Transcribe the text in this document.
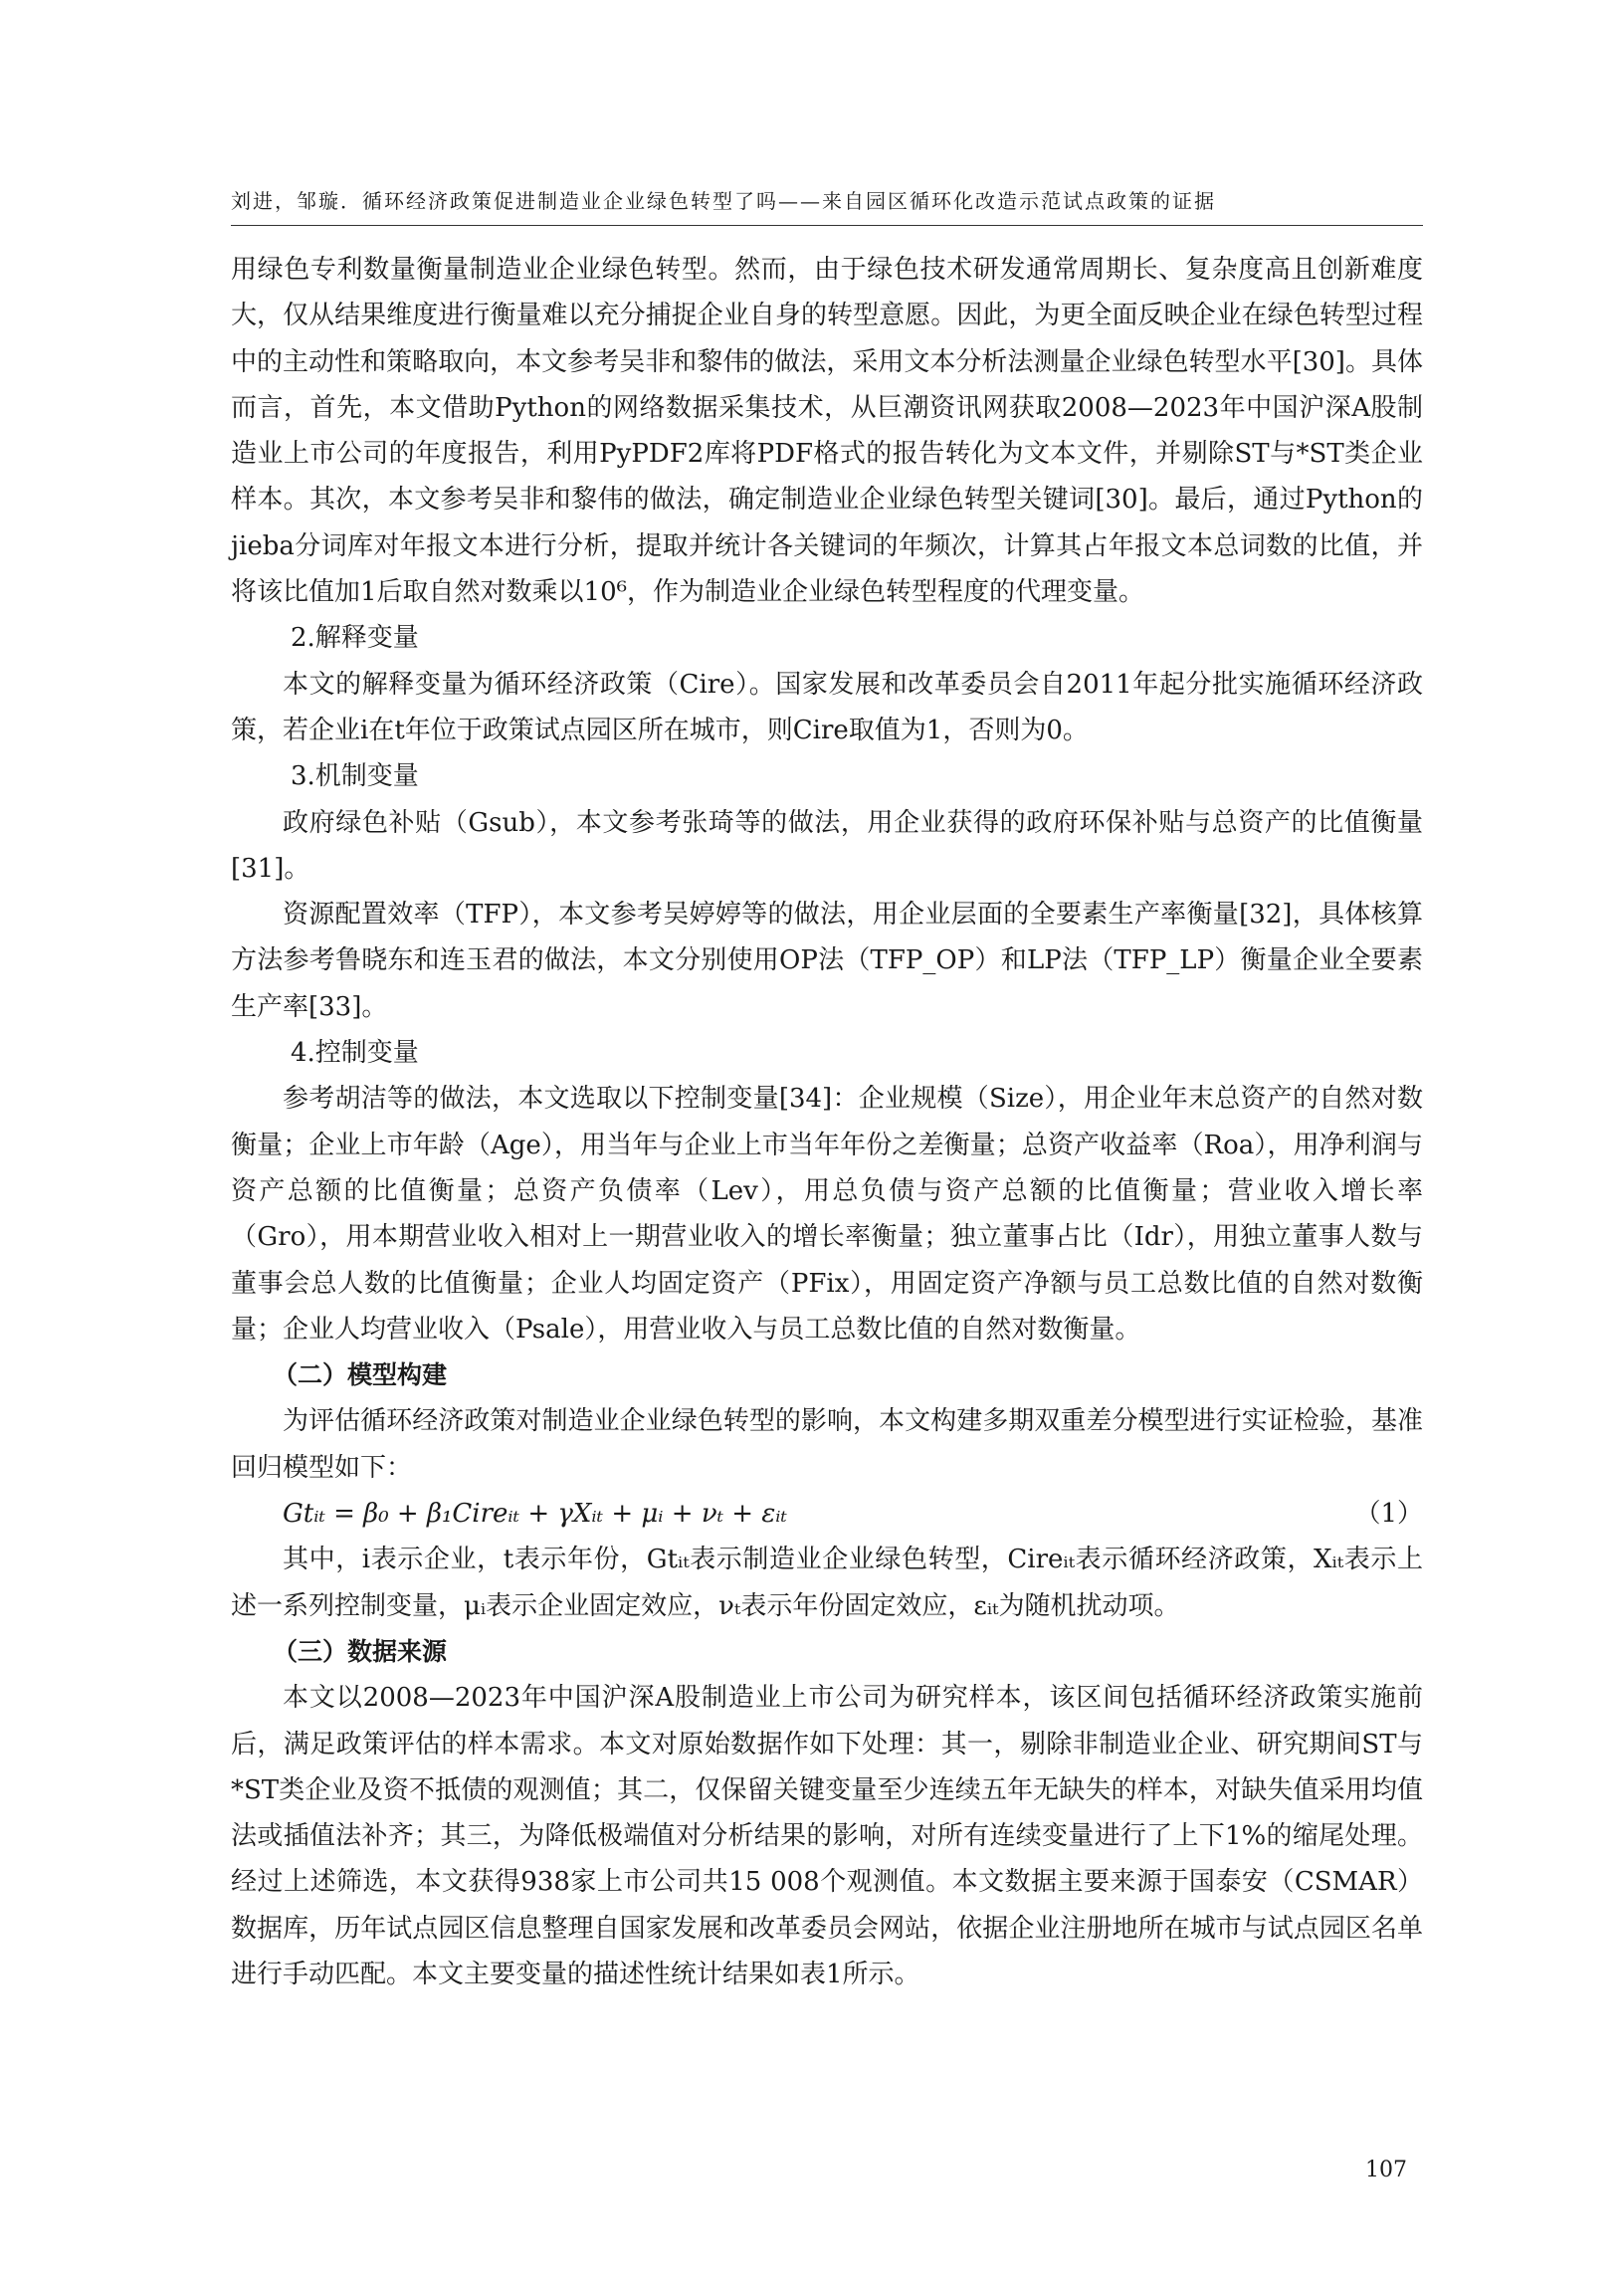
刘进，邹璇．循环经济政策促进制造业企业绿色转型了吗——来自园区循环化改造示范试点政策的证据

用绿色专利数量衡量制造业企业绿色转型。然而，由于绿色技术研发通常周期长、复杂度高且创新难度大，仅从结果维度进行衡量难以充分捕捉企业自身的转型意愿。因此，为更全面反映企业在绿色转型过程中的主动性和策略取向，本文参考吴非和黎伟的做法，采用文本分析法测量企业绿色转型水平[30]。具体而言，首先，本文借助Python的网络数据采集技术，从巨潮资讯网获取2008—2023年中国沪深A股制造业上市公司的年度报告，利用PyPDF2库将PDF格式的报告转化为文本文件，并剔除ST与*ST类企业样本。其次，本文参考吴非和黎伟的做法，确定制造业企业绿色转型关键词[30]。最后，通过Python的jieba分词库对年报文本进行分析，提取并统计各关键词的年频次，计算其占年报文本总词数的比值，并将该比值加1后取自然对数乘以10⁶，作为制造业企业绿色转型程度的代理变量。

2.解释变量

本文的解释变量为循环经济政策（Cire）。国家发展和改革委员会自2011年起分批实施循环经济政策，若企业i在t年位于政策试点园区所在城市，则Cire取值为1，否则为0。

3.机制变量

政府绿色补贴（Gsub），本文参考张琦等的做法，用企业获得的政府环保补贴与总资产的比值衡量[31]。

资源配置效率（TFP），本文参考吴婷婷等的做法，用企业层面的全要素生产率衡量[32]，具体核算方法参考鲁晓东和连玉君的做法，本文分别使用OP法（TFP_OP）和LP法（TFP_LP）衡量企业全要素生产率[33]。

4.控制变量

参考胡洁等的做法，本文选取以下控制变量[34]：企业规模（Size），用企业年末总资产的自然对数衡量；企业上市年龄（Age），用当年与企业上市当年年份之差衡量；总资产收益率（Roa），用净利润与资产总额的比值衡量；总资产负债率（Lev），用总负债与资产总额的比值衡量；营业收入增长率（Gro），用本期营业收入相对上一期营业收入的增长率衡量；独立董事占比（Idr），用独立董事人数与董事会总人数的比值衡量；企业人均固定资产（PFix），用固定资产净额与员工总数比值的自然对数衡量；企业人均营业收入（Psale），用营业收入与员工总数比值的自然对数衡量。

（二）模型构建

为评估循环经济政策对制造业企业绿色转型的影响，本文构建多期双重差分模型进行实证检验，基准回归模型如下：

Gtᵢₜ = β₀ + β₁Cireᵢₜ + γXᵢₜ + μᵢ + νₜ + εᵢₜ	（1）

其中，i表示企业，t表示年份，Gtᵢₜ表示制造业企业绿色转型，Cireᵢₜ表示循环经济政策，Xᵢₜ表示上述一系列控制变量，μᵢ表示企业固定效应，νₜ表示年份固定效应，εᵢₜ为随机扰动项。

（三）数据来源

本文以2008—2023年中国沪深A股制造业上市公司为研究样本，该区间包括循环经济政策实施前后，满足政策评估的样本需求。本文对原始数据作如下处理：其一，剔除非制造业企业、研究期间ST与*ST类企业及资不抵债的观测值；其二，仅保留关键变量至少连续五年无缺失的样本，对缺失值采用均值法或插值法补齐；其三，为降低极端值对分析结果的影响，对所有连续变量进行了上下1%的缩尾处理。经过上述筛选，本文获得938家上市公司共15 008个观测值。本文数据主要来源于国泰安（CSMAR）数据库，历年试点园区信息整理自国家发展和改革委员会网站，依据企业注册地所在城市与试点园区名单进行手动匹配。本文主要变量的描述性统计结果如表1所示。

107
